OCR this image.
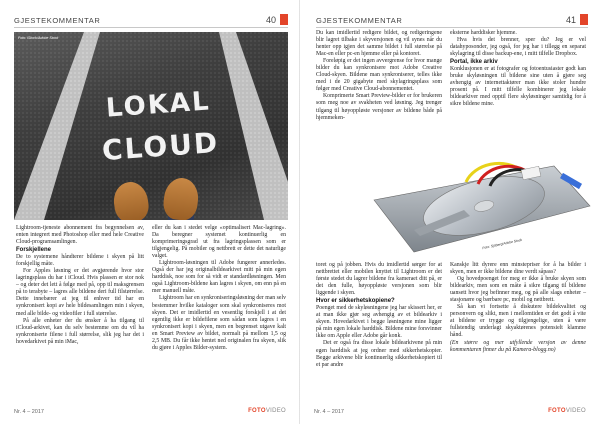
GJESTEKOMMENTAR	40
Foto: iStock/Adobe Stock
LOKAL
CLOUD

Lightroom-tjeneste abonnement fra begynnelsen av, enten integrert med Photoshop eller med hele Creative Cloud-programsamlingen.

Forskjellene

De to systemene håndterer bildene i skyen på litt forskjellig måte.

For Apples løsning er det avgjørende hvor stor lagringsplass du har i iCloud. Hvis plassen er stor nok – og deter det lett å følge med på, opp til maksgrensen på to terabyte – lagres alle bildene deri full filstørrelse. Dette innebærer at jeg til enhver tid har en synkronisert kopi av hele bildesamlingen min i skyen, med alle bilde- og videofiler i full størrelse.

På alle enheter der du ønsker å ha tilgang til iCloud-arkivet, kan du selv bestemme om du vil ha synkroniserte filene i full størrelse, slik jeg har det i hovedarkivet på min iMac,

eller du kan i stedet velge «optimalisert Mac-lagring». Da beregner systemet kontinuerlig en komprimeringsgrad ut fra lagringsplassen som er tilgjengelig. På mobiler og nettbrett er dette det naturlige valget.

Lightroom-løsningen til Adobe fungerer annerledes. Også der har jeg originalbildearkivet mitt på min egen harddisk, noe som for så vidt er standardløsningen. Men også Lightroom-bildene kan lagres i skyen, om enn på en mer manuell måte.

Lightroom har en synkroniseringsløsning der man selv bestemmer hvilke kataloger som skal synkroniseres mot skyen. Det er imidlertid en vesentlig forskjell i at det egentlig ikke er bildefilene som sådan som lagres i en synkronisert kopi i skyen, men en begrenset utgave kalt en Smart Preview av bildet, normalt på mellom 1,5 og 2,5 MB. Du får ikke hentet ned originalen fra skyen, slik du gjøre i Apples Bilder-system.

Nr. 4 – 2017	FOTOVIDEO
GJESTEKOMMENTAR	41

Du kan imidlertid redigere bildet, og redigeringene blir lagret tilbake i skyversjonen og vil synes når du henter opp igjen det samme bildet i full størrelse på Mac-en eller pc-en hjemme eller på kontoret.

Foreløpig er det ingen avvergrense for hvor mange bilder du kan synkronisere mot Adobe Creative Cloud-skyen. Bildene man synkroniserer, telles ikke med i de 20 gigabyte med skylagringsplass som følger med Creative Cloud-abonnementet.

Komprimerte Smart Preview-bilder er for brukeren som meg noe av svakheten ved løsning. Jeg trenger tilgang til høyoppløste versjoner av bildene både på hjemmeken-

eksterne harddisker hjemme.

Hva hvis det brenner, sper du? Jeg er vel datahyposonder, jeg også, for jeg har i tillegg en separat skylagring til disse backup-ene, i mitt tilfelle Dropbox.

Portal, ikke arkiv

Konklusjonen er at fotografer og fotoentusiaster godt kan bruke skyløsningen til bildene sine uten å gjøre seg avhengig av internettaktører man ikke stoler hundre prosent på. I mitt tilfelle kombinerer jeg lokale bildearkiver med opptil flere skyløsninger samtidig for å sikre bildene mine.

Foto: Sjöberg/Adobe Stock

toret og på jobben. Hvis du imidlertid sørger for at nettbrettet eller mobilen knyttet til Lightroom er det første stedet du lagrer bildene fra kameraet ditt på, er det den fulle, høyoppløste versjonen som blir liggende i skyen.

Hvor er sikkerhetskopiene?

Poenget med de skyløsningene jeg har skissert her, er at man ikke gjør seg avhengig av et bildearkiv i skyen. Hovedarkivet i begge løsningene mine ligger på min egen lokale harddisk. Bildene mine forsvinner ikke om Apple eller Adobe går konk.

Det er også fra disse lokale bildearkivene på min egen harddisk at jeg ordner med sikkerhetskopier. Begge arkivene blir kontinuerlig sikkerhetskopiert til et par andre

Kanskje litt dyrere enn minstepriser for å ha bilder i skyen, men er ikke bildene dine verdt såpass?

Og hovedpoenget for meg er ikke å bruke skyen som bildearkiv, men som en måte å sikre tilgang til bildene uansett hvor jeg befinner meg, og på alle slags enheter – stasjonære og bærbare pc, mobil og nettbrett.

Så kan vi fortsette å diskutere bildekvalitet og personvern og slikt, men i mellomtiden er det godt å vite at bildene er trygge og tilgjengelige, uten å være fullstendig underlagt skyaktørenes potensielt klamme hånd.

(En større og mer utfyllende versjon av denne kommentaren finner du på Kamera-blogg.no)

Nr. 4 – 2017	FOTOVIDEO
